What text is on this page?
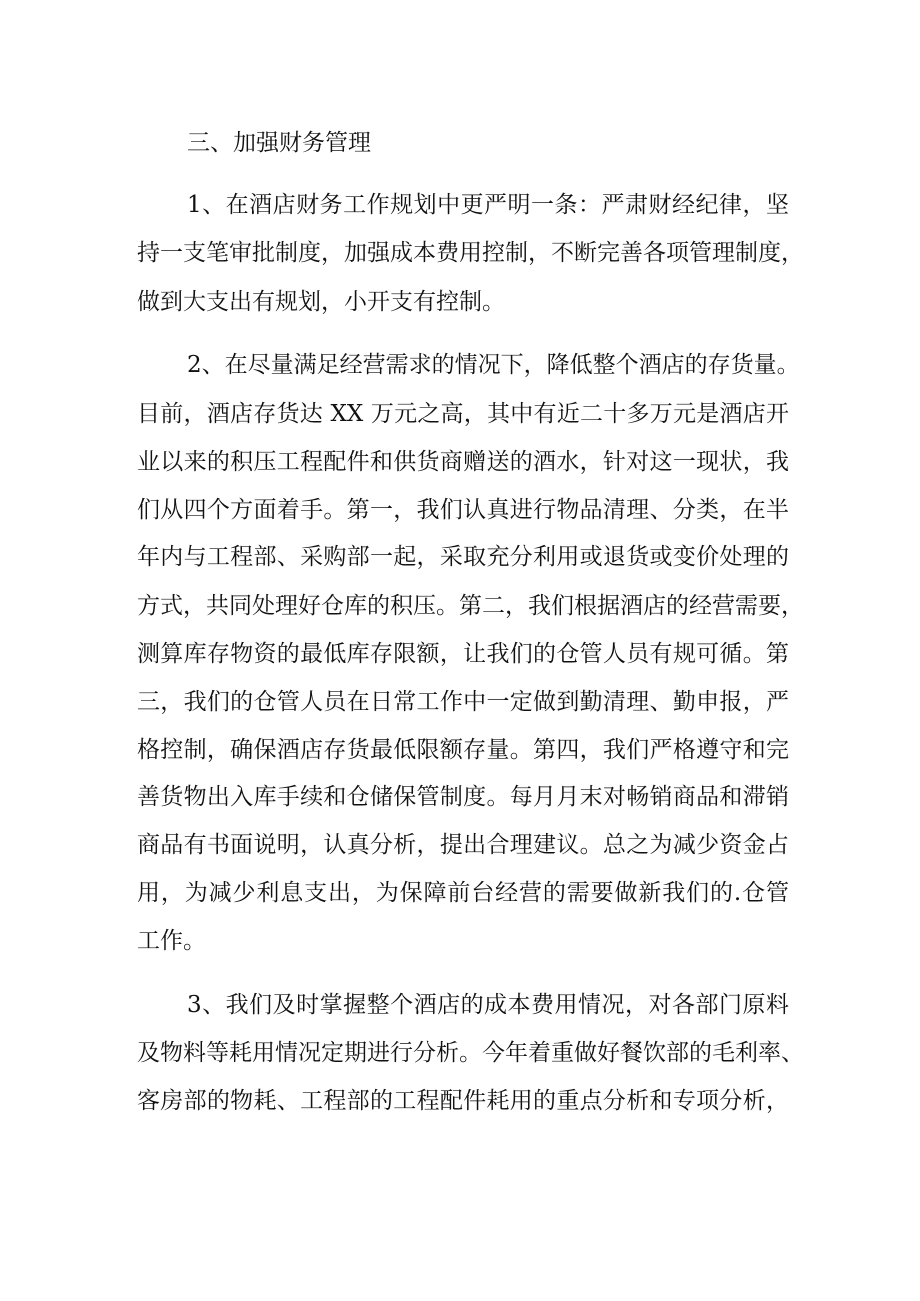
三、加强财务管理
1、在酒店财务工作规划中更严明一条：严肃财经纪律，坚
持一支笔审批制度，加强成本费用控制，不断完善各项管理制度，
做到大支出有规划，小开支有控制。
2、在尽量满足经营需求的情况下，降低整个酒店的存货量。
目前，酒店存货达 XX 万元之高，其中有近二十多万元是酒店开
业以来的积压工程配件和供货商赠送的酒水，针对这一现状，我
们从四个方面着手。第一，我们认真进行物品清理、分类，在半
年内与工程部、采购部一起，采取充分利用或退货或变价处理的
方式，共同处理好仓库的积压。第二，我们根据酒店的经营需要，
测算库存物资的最低库存限额，让我们的仓管人员有规可循。第
三，我们的仓管人员在日常工作中一定做到勤清理、勤申报，严
格控制，确保酒店存货最低限额存量。第四，我们严格遵守和完
善货物出入库手续和仓储保管制度。每月月末对畅销商品和滞销
商品有书面说明，认真分析，提出合理建议。总之为减少资金占
用，为减少利息支出，为保障前台经营的需要做新我们的.仓管
工作。
3、我们及时掌握整个酒店的成本费用情况，对各部门原料
及物料等耗用情况定期进行分析。今年着重做好餐饮部的毛利率、
客房部的物耗、工程部的工程配件耗用的重点分析和专项分析，
